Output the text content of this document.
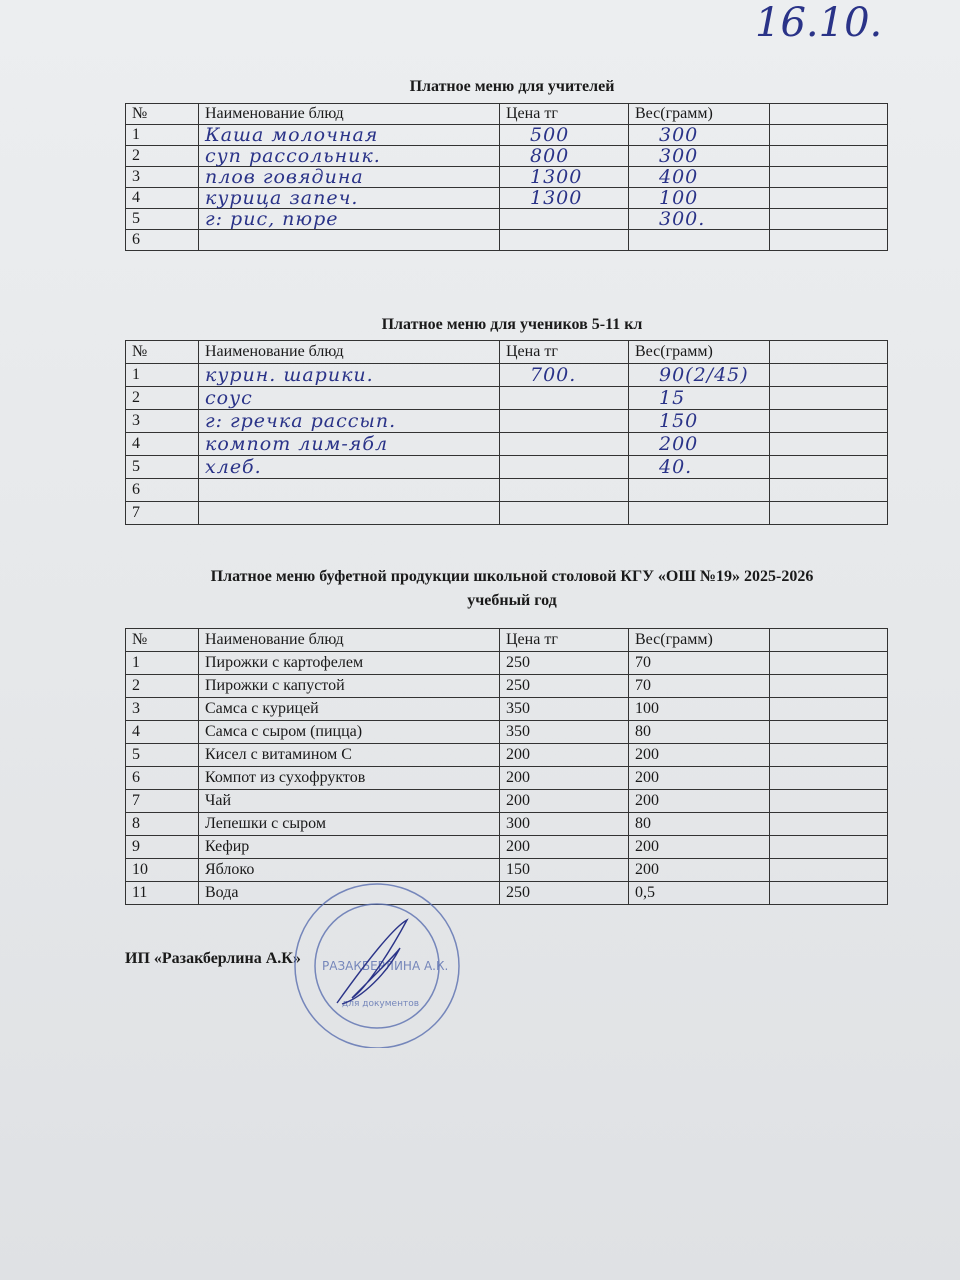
16.10.
Платное меню для учителей
№	Наименование блюд	Цена тг	Вес(грамм)	
1	Каша молочная	500	300	
2	суп рассольник.	800	300	
3	плов говядина	1300	400	
4	курица запеч.	1300	100	
5	г: рис, пюре		300.	
6				
Платное меню для учеников 5-11 кл
№	Наименование блюд	Цена тг	Вес(грамм)	
1	курин. шарики.	700.	90(2/45)	
2	соус		15	
3	г: гречка рассып.		150	
4	компот лим-ябл		200	
5	хлеб.		40.	
6				
7				
Платное меню буфетной продукции школьной столовой КГУ «ОШ №19» 2025-2026
учебный год
№	Наименование блюд	Цена тг	Вес(грамм)	
1	Пирожки с картофелем	250	70	
2	Пирожки с капустой	250	70	
3	Самса с курицей	350	100	
4	Самса с сыром (пицца)	350	80	
5	Кисел с витамином С	200	200	
6	Компот из сухофруктов	200	200	
7	Чай	200	200	
8	Лепешки с сыром	300	80	
9	Кефир	200	200	
10	Яблоко	150	200	
11	Вода	250	0,5	
ИП «Разакберлина А.К» РАЗАКБЕРЛИНА А.К.
для документов
